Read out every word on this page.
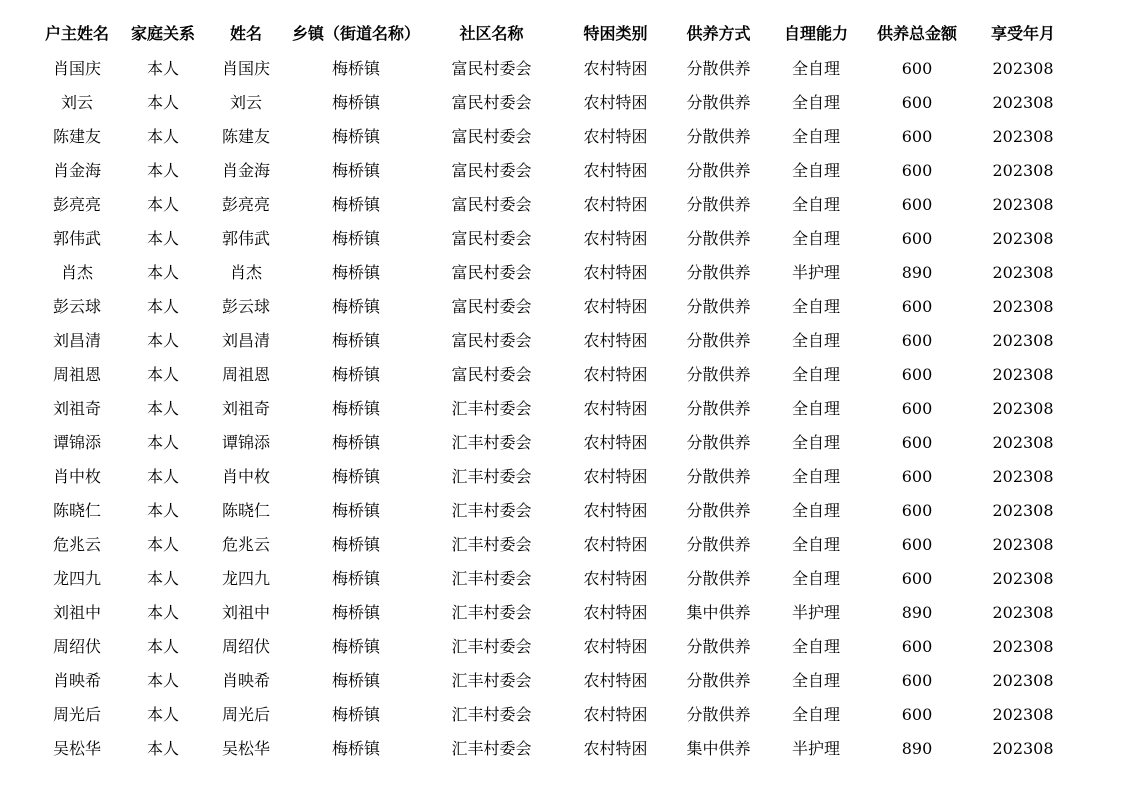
户主姓名	家庭关系	姓名	乡镇（街道名称）	社区名称	特困类别	供养方式	自理能力	供养总金额	享受年月
肖国庆	本人	肖国庆	梅桥镇	富民村委会	农村特困	分散供养	全自理	600	202308
刘云	本人	刘云	梅桥镇	富民村委会	农村特困	分散供养	全自理	600	202308
陈建友	本人	陈建友	梅桥镇	富民村委会	农村特困	分散供养	全自理	600	202308
肖金海	本人	肖金海	梅桥镇	富民村委会	农村特困	分散供养	全自理	600	202308
彭亮亮	本人	彭亮亮	梅桥镇	富民村委会	农村特困	分散供养	全自理	600	202308
郭伟武	本人	郭伟武	梅桥镇	富民村委会	农村特困	分散供养	全自理	600	202308
肖杰	本人	肖杰	梅桥镇	富民村委会	农村特困	分散供养	半护理	890	202308
彭云球	本人	彭云球	梅桥镇	富民村委会	农村特困	分散供养	全自理	600	202308
刘昌清	本人	刘昌清	梅桥镇	富民村委会	农村特困	分散供养	全自理	600	202308
周祖恩	本人	周祖恩	梅桥镇	富民村委会	农村特困	分散供养	全自理	600	202308
刘祖奇	本人	刘祖奇	梅桥镇	汇丰村委会	农村特困	分散供养	全自理	600	202308
谭锦添	本人	谭锦添	梅桥镇	汇丰村委会	农村特困	分散供养	全自理	600	202308
肖中枚	本人	肖中枚	梅桥镇	汇丰村委会	农村特困	分散供养	全自理	600	202308
陈晓仁	本人	陈晓仁	梅桥镇	汇丰村委会	农村特困	分散供养	全自理	600	202308
危兆云	本人	危兆云	梅桥镇	汇丰村委会	农村特困	分散供养	全自理	600	202308
龙四九	本人	龙四九	梅桥镇	汇丰村委会	农村特困	分散供养	全自理	600	202308
刘祖中	本人	刘祖中	梅桥镇	汇丰村委会	农村特困	集中供养	半护理	890	202308
周绍伏	本人	周绍伏	梅桥镇	汇丰村委会	农村特困	分散供养	全自理	600	202308
肖映希	本人	肖映希	梅桥镇	汇丰村委会	农村特困	分散供养	全自理	600	202308
周光后	本人	周光后	梅桥镇	汇丰村委会	农村特困	分散供养	全自理	600	202308
吴松华	本人	吴松华	梅桥镇	汇丰村委会	农村特困	集中供养	半护理	890	202308
